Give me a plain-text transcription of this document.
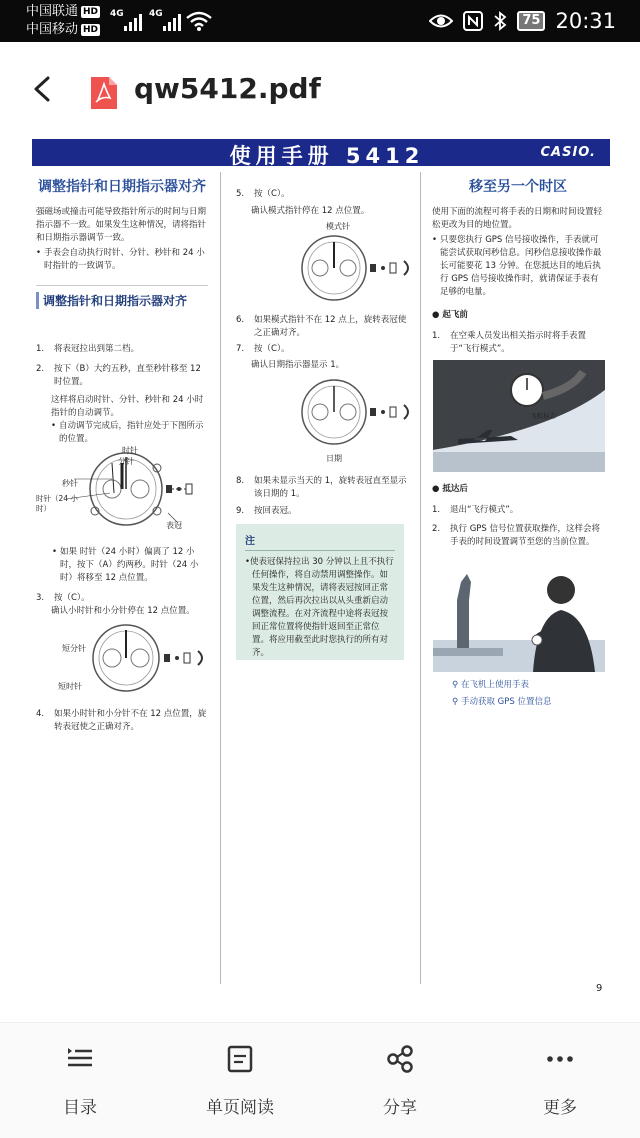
中国联通 HD
中国移动 HD
4G	4G	75 20:31
qw5412.pdf
使用手册 5412	CASIO.
调整指针和日期指示器对齐
强磁场或撞击可能导致指针所示的时间与日期指示器不一致。如果发生这种情况，请将指针和日期指示器调节一致。
• 手表会自动执行时针、分针、秒针和 24 小时指针的一致调节。
调整指针和日期指示器对齐
1. 将表冠拉出到第二档。
2. 按下（B）大约五秒，直至秒针移至 12 时位置。
这样将启动时针、分针、秒针和 24 小时指针的自动调节。
• 自动调节完成后，指针应处于下图所示的位置。
时针
分针
秒针
时针（24 小时）
表冠
• 如果 时针（24 小时）偏离了 12 小时，按下（A）约两秒。时针（24 小时）将移至 12 点位置。
3. 按（C）。
确认小时针和小分针停在 12 点位置。
短分针
短时针
4. 如果小时针和小分针不在 12 点位置，旋转表冠使之正确对齐。
5. 按（C）。
确认模式指针停在 12 点位置。
模式针
6. 如果模式指针不在 12 点上，旋转表冠使之正确对齐。
7. 按（C）。
确认日期指示器显示 1。
日期
8. 如果未显示当天的 1，旋转表冠直至显示该日期的 1。
9. 按回表冠。
注
•使表冠保持拉出 30 分钟以上且不执行任何操作，将自动禁用调整操作。如果发生这种情况，请将表冠按回正常位置，然后再次拉出以从头重新启动调整流程。在对齐流程中途将表冠按回正常位置将使指针返回至正常位置。将应用截至此时您执行的所有对齐。
移至另一个时区
使用下面的流程可将手表的日期和时间设置轻松更改为目的地位置。
• 只要您执行 GPS 信号接收操作，手表就可能尝试获取闰秒信息。闰秒信息接收操作最长可能要花 13 分钟。在您抵达目的地后执行 GPS 信号接收操作时，就请保证手表有足够的电量。
● 起飞前
1. 在空乘人员发出相关指示时将手表置于“飞行模式”。
飞机标志
● 抵达后
1. 退出“飞行模式”。
2. 执行 GPS 信号位置获取操作，这样会将手表的时间设置调节至您的当前位置。
⚲ 在飞机上使用手表
⚲ 手动获取 GPS 位置信息
9
目录	单页阅读	分享	更多
